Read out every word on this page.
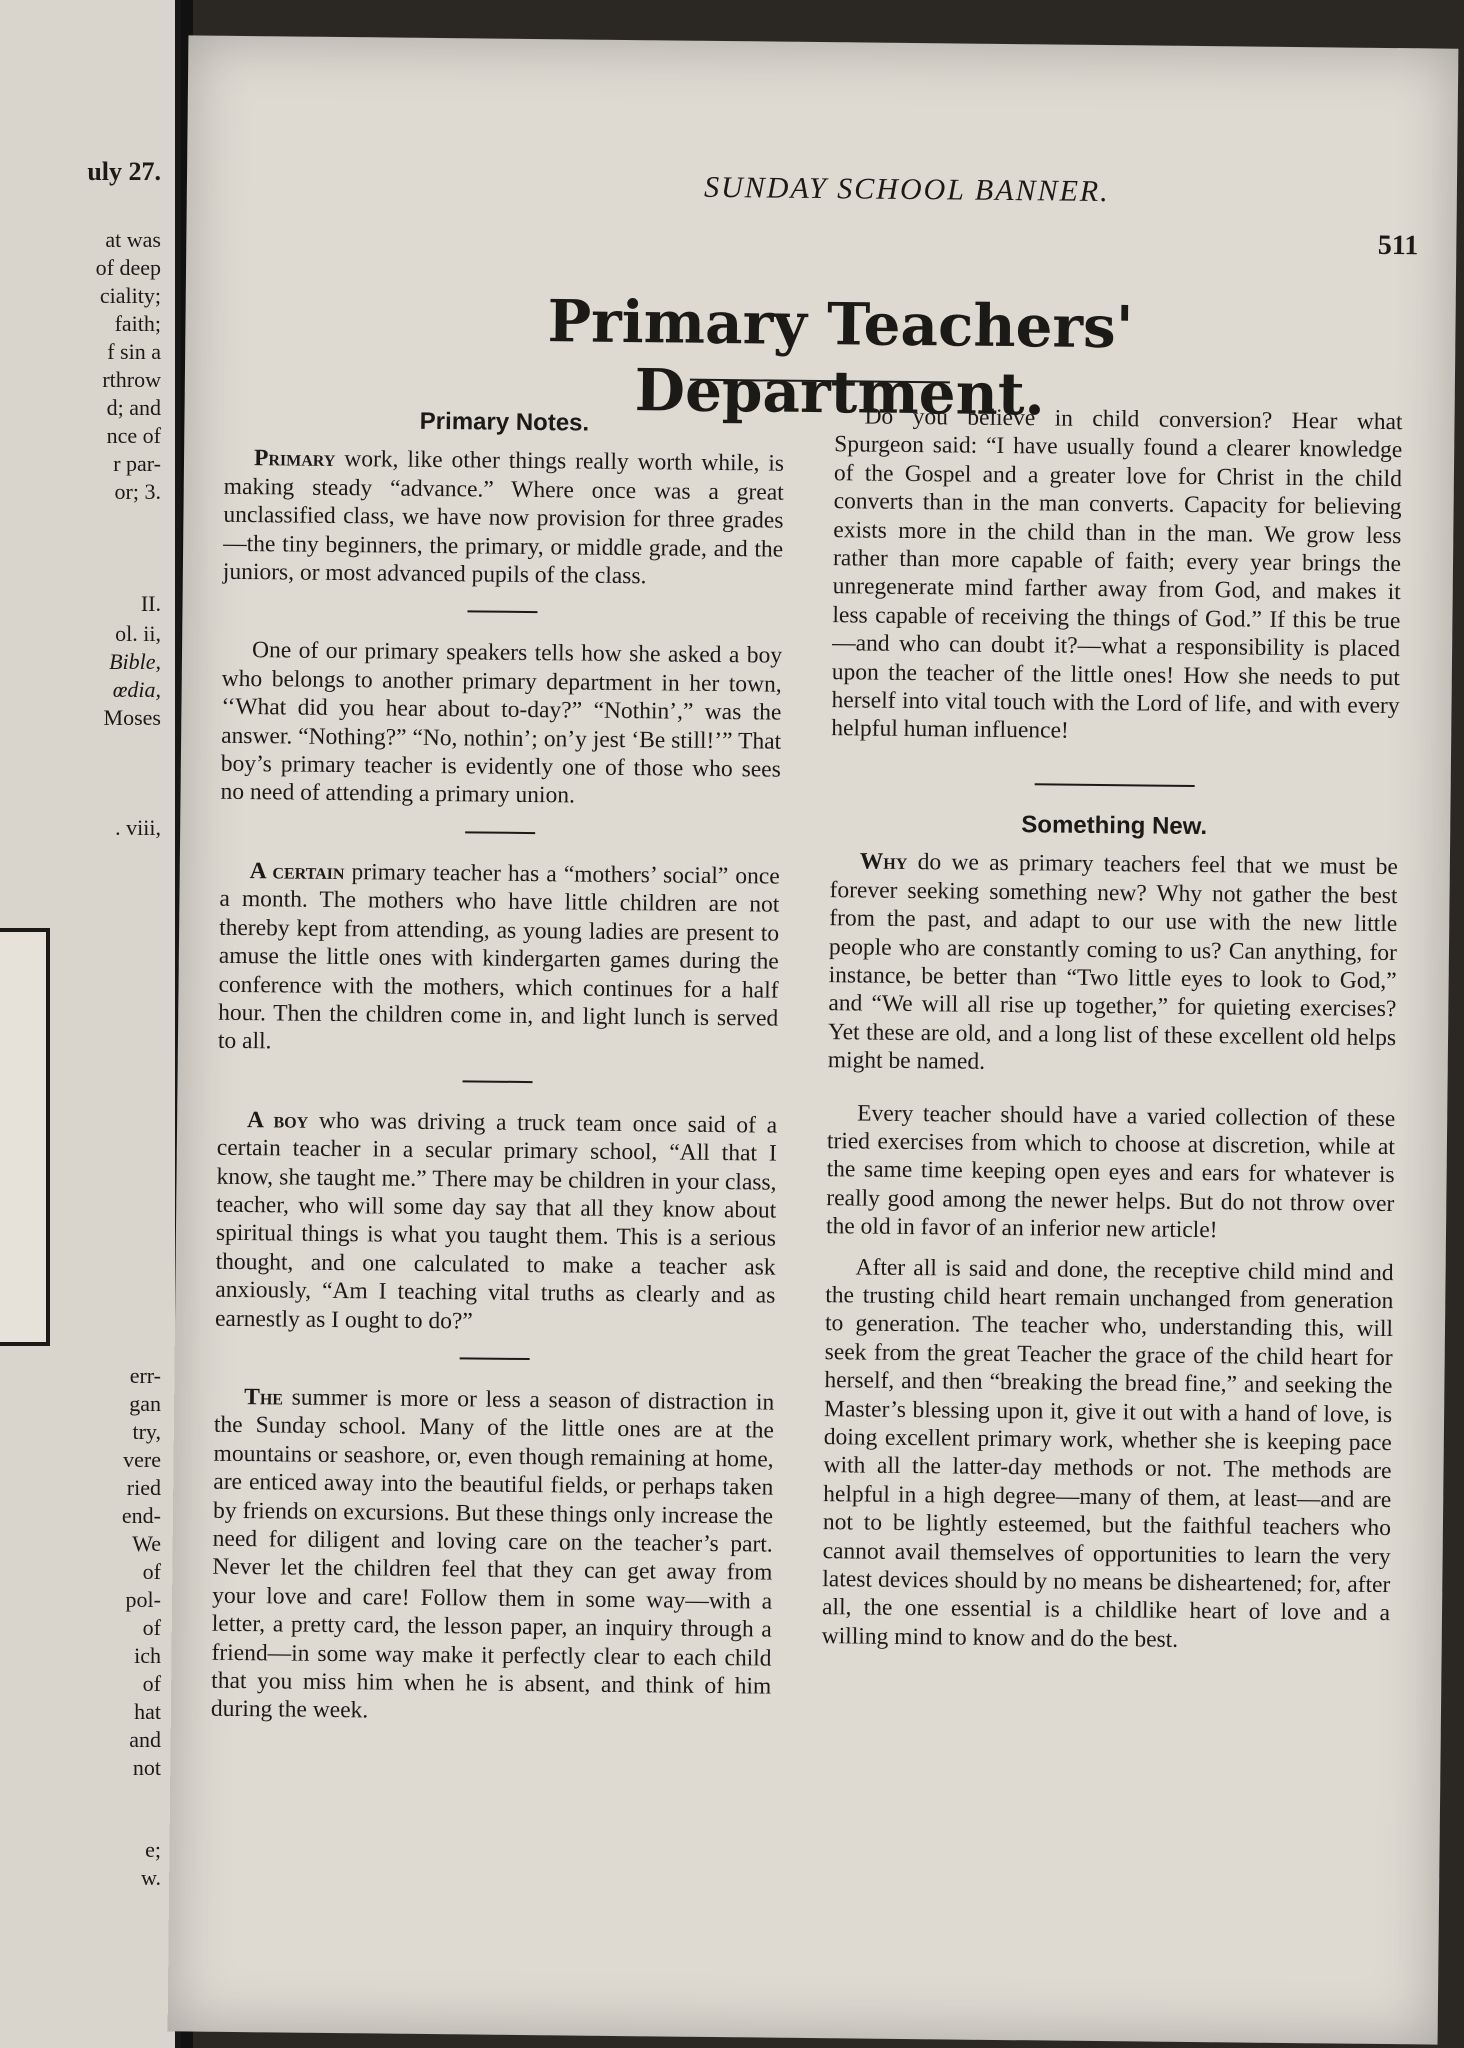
uly 27.
at was
of deep
ciality;
faith;
f sin a
rthrow
d; and
nce of
r par-
or; 3.
II.
ol. ii,
Bible,
œdia,
Moses
. viii,
err-
gan
try,
vere
ried
end-
We
of
pol-
of
ich
of
hat
and
not
e;
w.
SUNDAY SCHOOL BANNER.
511
Primary Teachers' Department.
Primary Notes.

Primary work, like other things really worth while, is making steady “advance.” Where once was a great unclassified class, we have now provision for three grades—the tiny beginners, the primary, or middle grade, and the juniors, or most advanced pupils of the class.

One of our primary speakers tells how she asked a boy who belongs to another primary department in her town, ‘‘What did you hear about to-day?” “Nothin’,” was the answer. “Nothing?” “No, nothin’; on’y jest ‘Be still!’” That boy’s primary teacher is evidently one of those who sees no need of attending a primary union.

A certain primary teacher has a “mothers’ social” once a month. The mothers who have little children are not thereby kept from attending, as young ladies are present to amuse the little ones with kindergarten games during the conference with the mothers, which continues for a half hour. Then the children come in, and light lunch is served to all.

A boy who was driving a truck team once said of a certain teacher in a secular primary school, “All that I know, she taught me.” There may be children in your class, teacher, who will some day say that all they know about spiritual things is what you taught them. This is a serious thought, and one calculated to make a teacher ask anxiously, “Am I teaching vital truths as clearly and as earnestly as I ought to do?”

The summer is more or less a season of distraction in the Sunday school. Many of the little ones are at the mountains or seashore, or, even though remaining at home, are enticed away into the beautiful fields, or perhaps taken by friends on excursions. But these things only increase the need for diligent and loving care on the teacher’s part. Never let the children feel that they can get away from your love and care! Follow them in some way—with a letter, a pretty card, the lesson paper, an inquiry through a friend—in some way make it perfectly clear to each child that you miss him when he is absent, and think of him during the week.

Do you believe in child conversion? Hear what Spurgeon said: “I have usually found a clearer knowledge of the Gospel and a greater love for Christ in the child converts than in the man converts. Capacity for believing exists more in the child than in the man. We grow less rather than more capable of faith; every year brings the unregenerate mind farther away from God, and makes it less capable of receiving the things of God.” If this be true—and who can doubt it?—what a responsibility is placed upon the teacher of the little ones! How she needs to put herself into vital touch with the Lord of life, and with every helpful human influence!

Something New.

Why do we as primary teachers feel that we must be forever seeking something new? Why not gather the best from the past, and adapt to our use with the new little people who are constantly coming to us? Can anything, for instance, be better than “Two little eyes to look to God,” and “We will all rise up together,” for quieting exercises? Yet these are old, and a long list of these excellent old helps might be named.

Every teacher should have a varied collection of these tried exercises from which to choose at discretion, while at the same time keeping open eyes and ears for whatever is really good among the newer helps. But do not throw over the old in favor of an inferior new article!

After all is said and done, the receptive child mind and the trusting child heart remain unchanged from generation to generation. The teacher who, understanding this, will seek from the great Teacher the grace of the child heart for herself, and then “breaking the bread fine,” and seeking the Master’s blessing upon it, give it out with a hand of love, is doing excellent primary work, whether she is keeping pace with all the latter-day methods or not. The methods are helpful in a high degree—many of them, at least—and are not to be lightly esteemed, but the faithful teachers who cannot avail themselves of opportunities to learn the very latest devices should by no means be disheartened; for, after all, the one essential is a childlike heart of love and a willing mind to know and do the best.
